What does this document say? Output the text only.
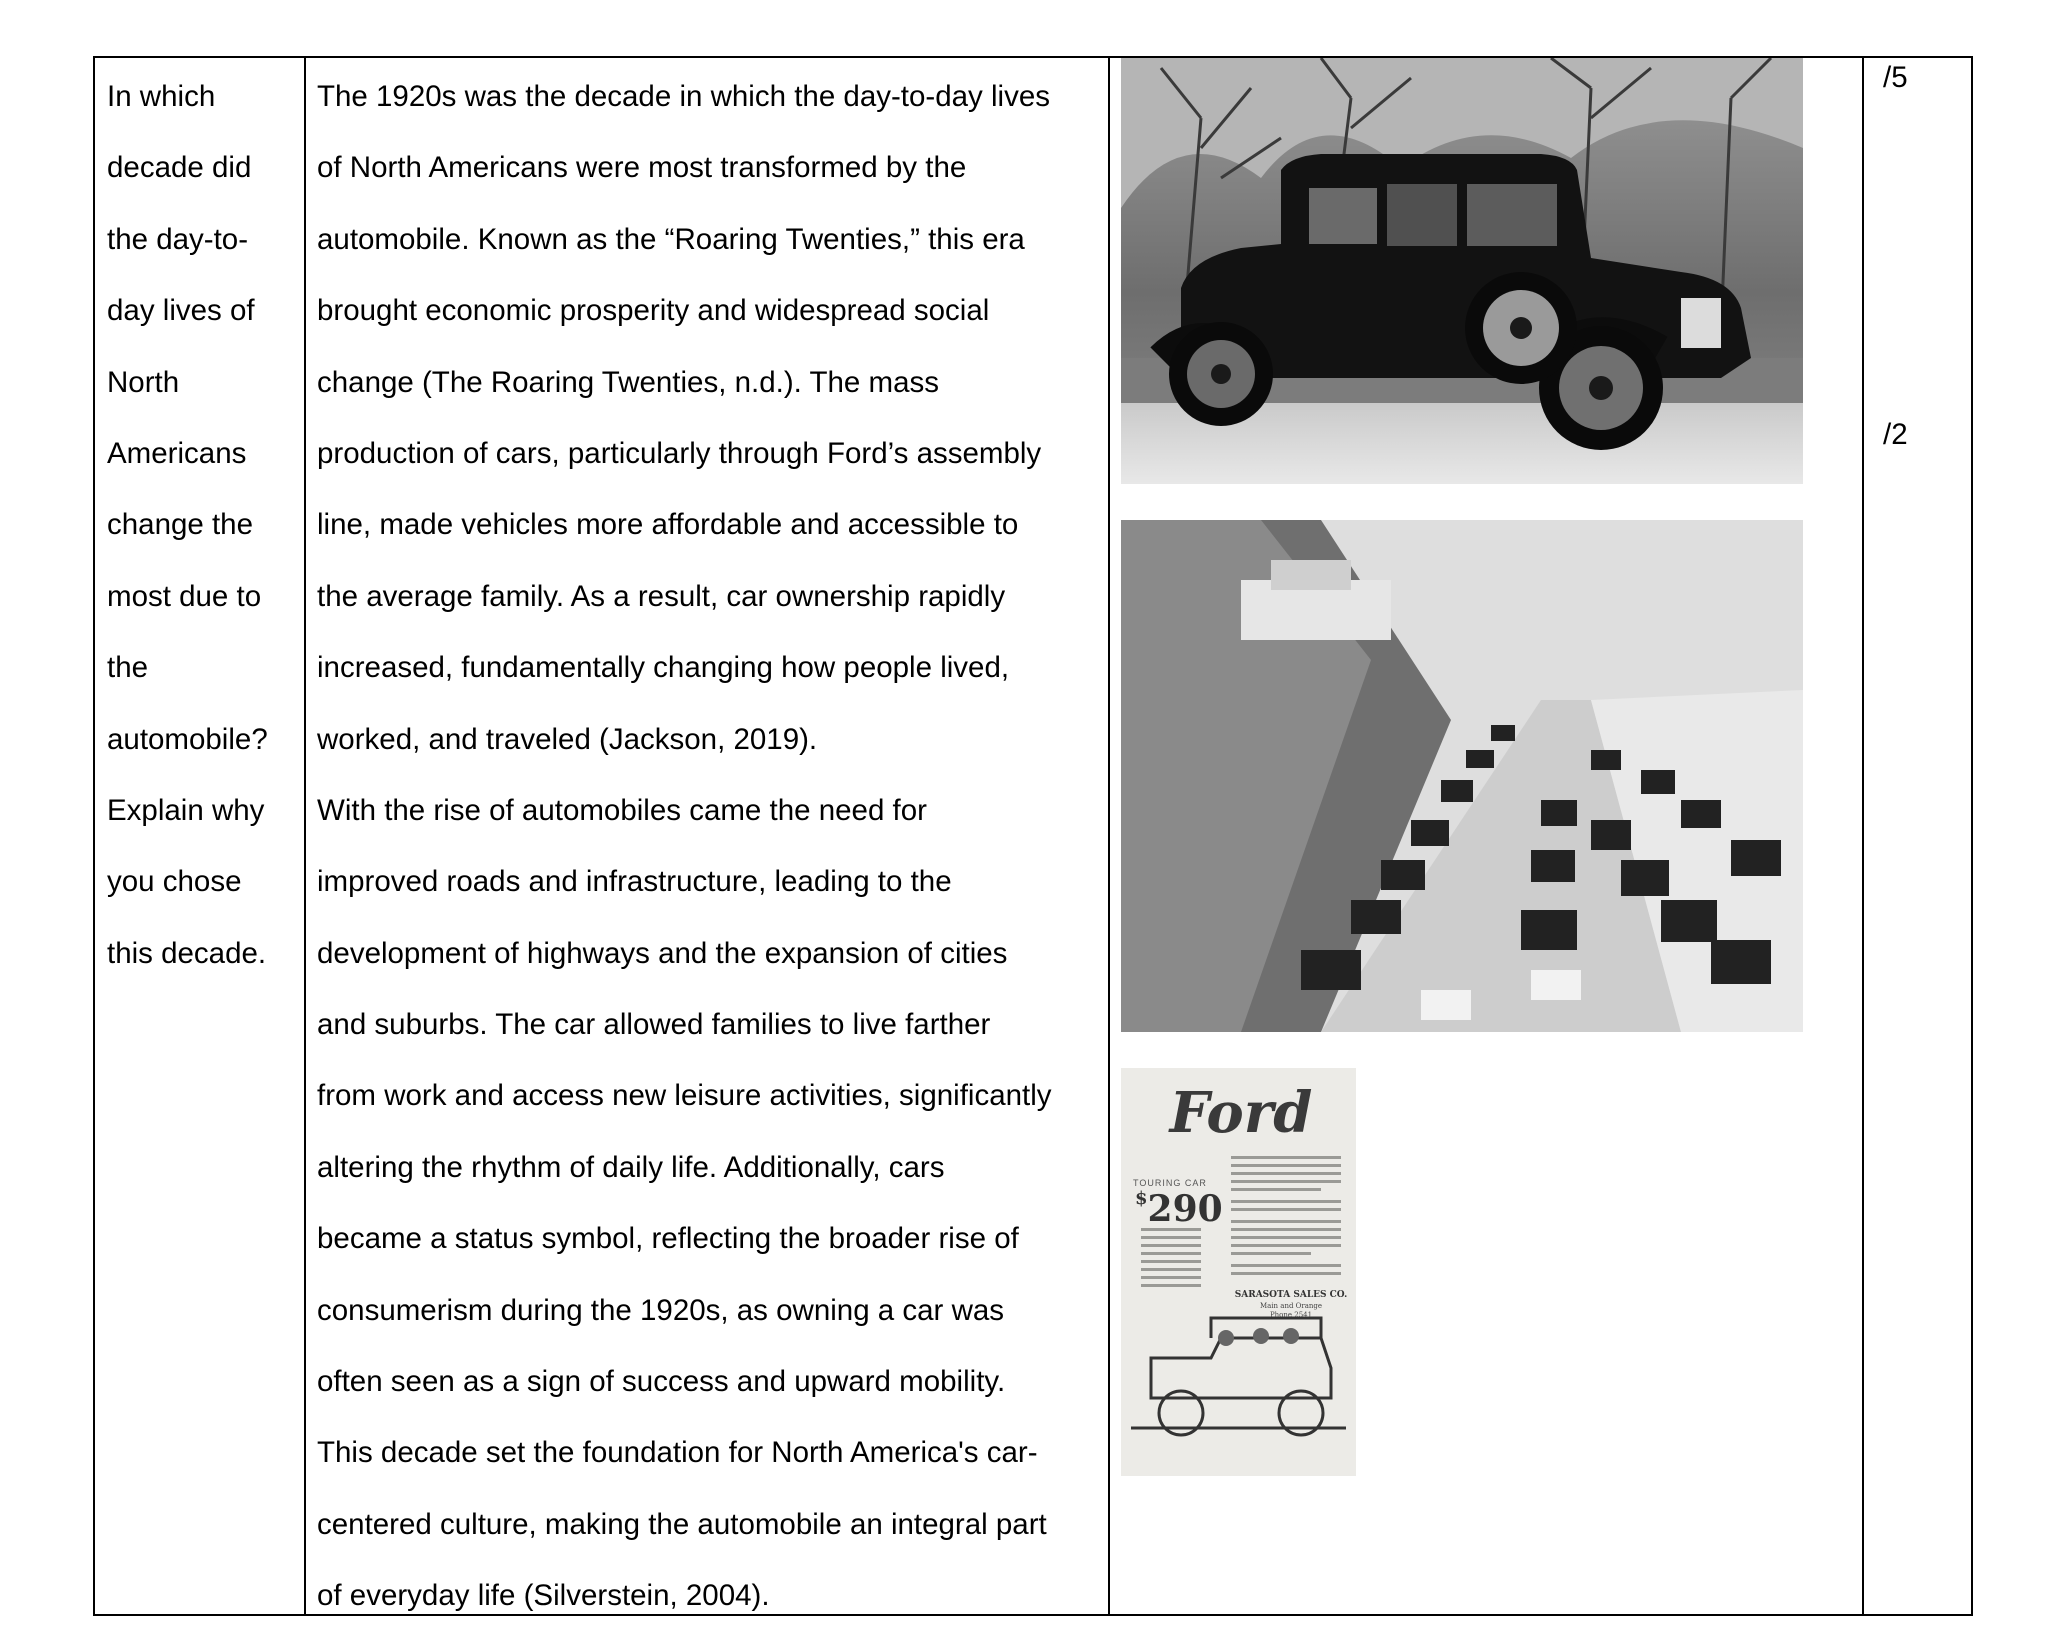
In which
decade did
the day-to-
day lives of
North
Americans
change the
most due to
the
automobile?
Explain why
you chose
this decade.
The 1920s was the decade in which the day-to-day lives
of North Americans were most transformed by the
automobile. Known as the “Roaring Twenties,” this era
brought economic prosperity and widespread social
change (The Roaring Twenties, n.d.). The mass
production of cars, particularly through Ford’s assembly
line, made vehicles more affordable and accessible to
the average family. As a result, car ownership rapidly
increased, fundamentally changing how people lived,
worked, and traveled (Jackson, 2019).
With the rise of automobiles came the need for
improved roads and infrastructure, leading to the
development of highways and the expansion of cities
and suburbs. The car allowed families to live farther
from work and access new leisure activities, significantly
altering the rhythm of daily life. Additionally, cars
became a status symbol, reflecting the broader rise of
consumerism during the 1920s, as owning a car was
often seen as a sign of success and upward mobility.
This decade set the foundation for North America's car-
centered culture, making the automobile an integral part
of everyday life (Silverstein, 2004).
/5
/2
Ford
TOURING CAR
$290
SARASOTA SALES CO.
Main and Orange
Phone 2541
